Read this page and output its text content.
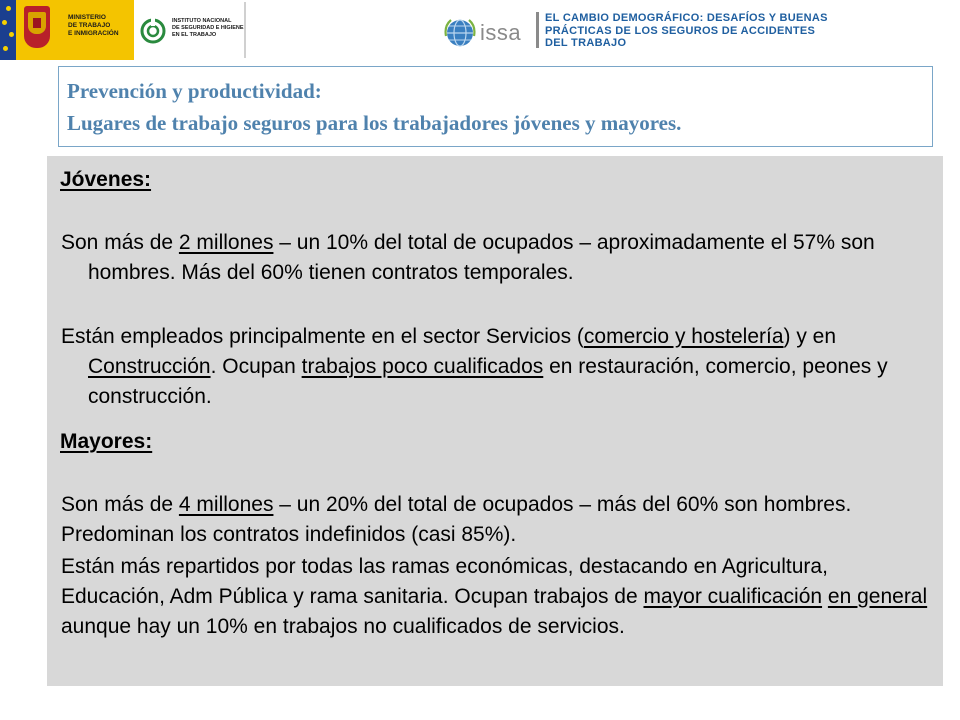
MINISTERIO
DE TRABAJO
E INMIGRACIÓN
INSTITUTO NACIONAL
DE SEGURIDAD E HIGIENE
EN EL TRABAJO	issa
EL CAMBIO DEMOGRÁFICO: DESAFÍOS Y BUENAS
PRÁCTICAS DE LOS SEGUROS DE ACCIDENTES
DEL TRABAJO
Prevención y productividad:
Lugares de trabajo seguros para los trabajadores jóvenes y mayores.
Jóvenes:
Son más de 2 millones – un 10% del total de ocupados – aproximadamente el 57% son hombres. Más del 60% tienen contratos temporales.
Están empleados principalmente en el sector Servicios (comercio y hostelería) y en Construcción. Ocupan trabajos poco cualificados en restauración, comercio, peones y construcción.
Mayores:
Son más de 4 millones – un 20% del total de ocupados – más del 60% son hombres. Predominan los contratos indefinidos (casi 85%).
Están más repartidos por todas las ramas económicas, destacando en Agricultura, Educación, Adm Pública y rama sanitaria. Ocupan trabajos de mayor cualificación en general aunque hay un 10% en trabajos no cualificados de servicios.
